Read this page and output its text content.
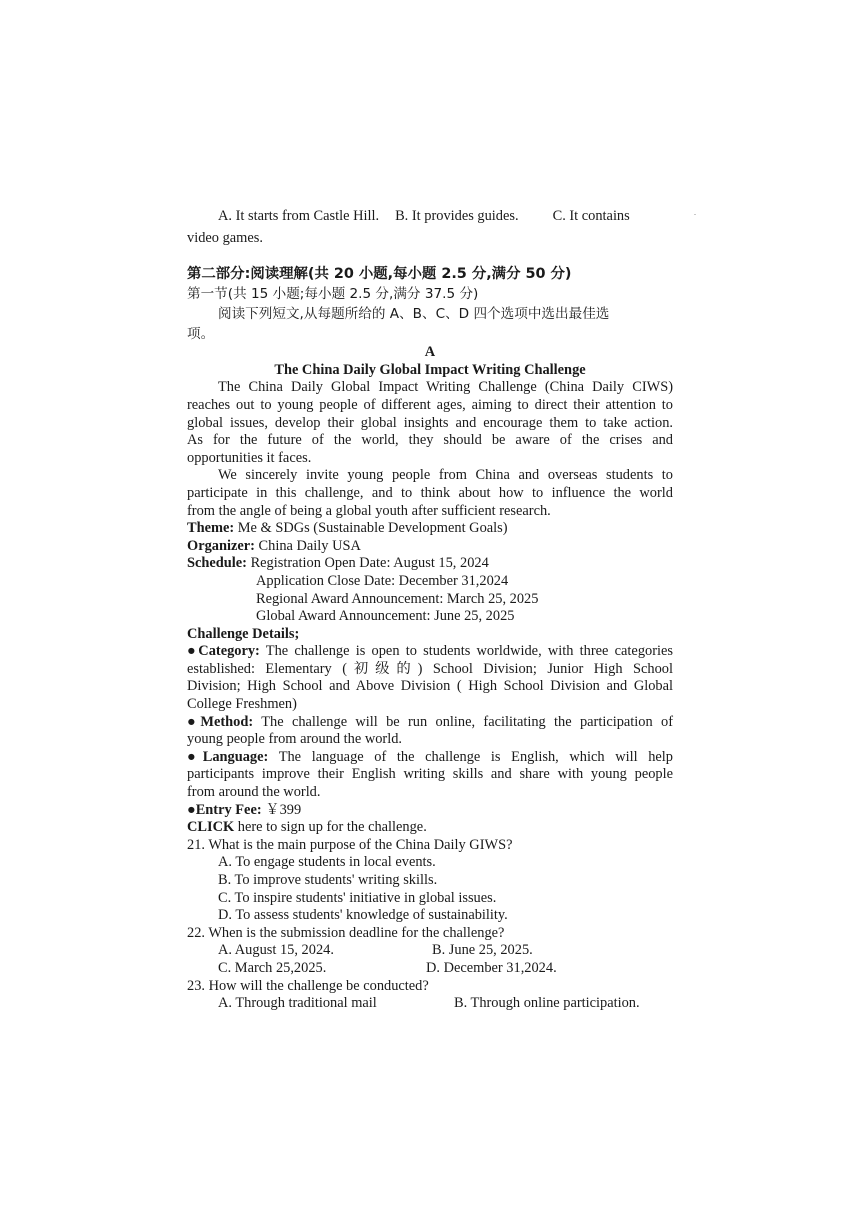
A. It starts from Castle Hill. B. It provides guides. C. It contains
video games.
第二部分:阅读理解(共 20 小题,每小题 2.5 分,满分 50 分)
第一节(共 15 小题;每小题 2.5 分,满分 37.5 分)
阅读下列短文,从每题所给的 A、B、C、D 四个选项中选出最佳选
项。
A
The China Daily Global Impact Writing Challenge
The China Daily Global Impact Writing Challenge (China Daily CIWS)
reaches out to young people of different ages, aiming to direct their attention to
global issues, develop their global insights and encourage them to take action.
As for the future of the world, they should be aware of the crises and
opportunities it faces.
We sincerely invite young people from China and overseas students to
participate in this challenge, and to think about how to influence the world
from the angle of being a global youth after sufficient research.
Theme: Me & SDGs (Sustainable Development Goals)
Organizer: China Daily USA
Schedule: Registration Open Date: August 15, 2024
Application Close Date: December 31,2024
Regional Award Announcement: March 25, 2025
Global Award Announcement: June 25, 2025
Challenge Details;
●Category: The challenge is open to students worldwide, with three categories
established: Elementary (初级的) School Division; Junior High School
Division; High School and Above Division ( High School Division and Global
College Freshmen)
●Method: The challenge will be run online, facilitating the participation of
young people from around the world.
●Language: The language of the challenge is English, which will help
participants improve their English writing skills and share with young people
from around the world.
●Entry Fee: ￥399
CLICK here to sign up for the challenge.
21. What is the main purpose of the China Daily GIWS?
A. To engage students in local events.
B. To improve students' writing skills.
C. To inspire students' initiative in global issues.
D. To assess students' knowledge of sustainability.
22. When is the submission deadline for the challenge?
A. August 15, 2024.	B. June 25, 2025.
C. March 25,2025.	D. December 31,2024.
23. How will the challenge be conducted?
A. Through traditional mail	B. Through online participation.
